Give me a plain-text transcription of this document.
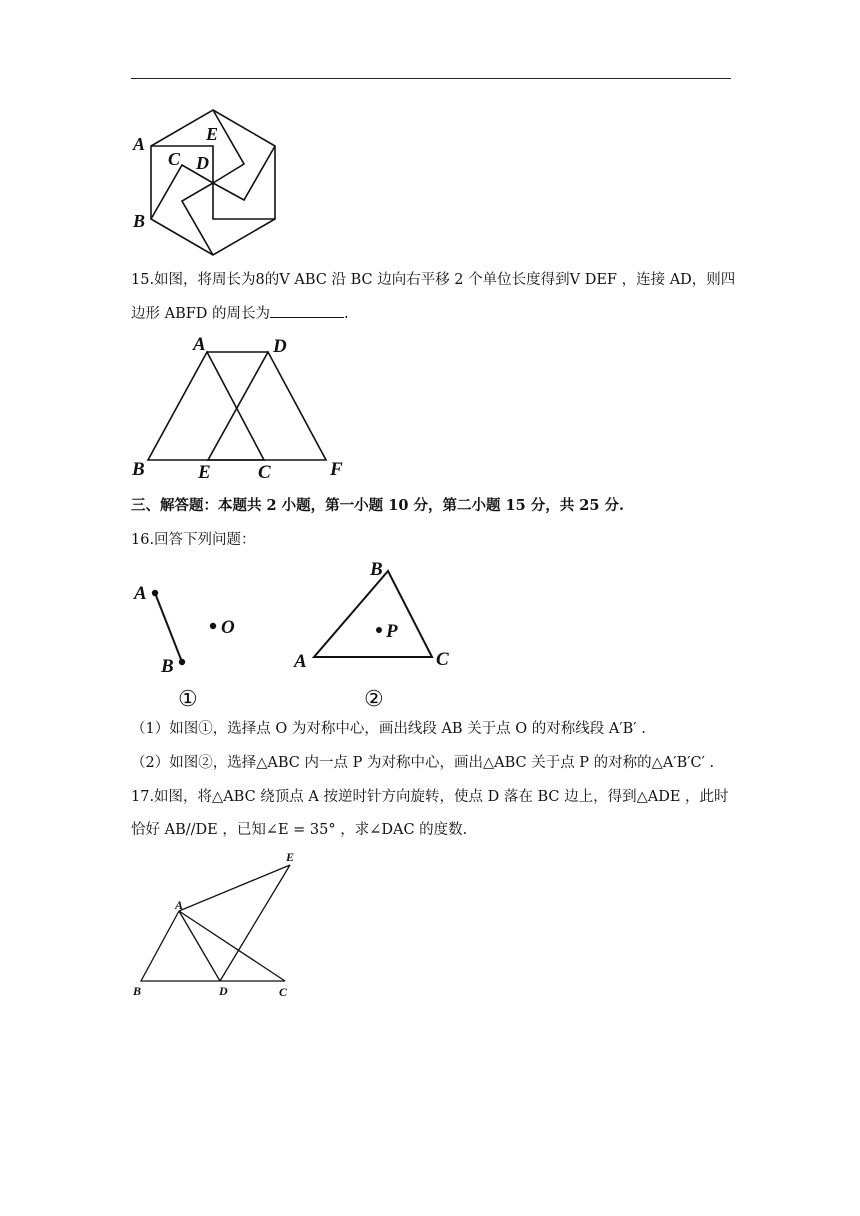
A	E
C D
B
15.如图，将周长为8的V ABC 沿 BC 边向右平移 2 个单位长度得到V DEF ，连接 AD，则四
边形 ABFD 的周长为	.
A	D
B	E C	F
三、解答题：本题共 2 小题，第一小题 10 分，第二小题 15 分，共 25 分.
16.回答下列问题：
A
O
B
①
B
P
A	C
②
（1）如图①，选择点 O 为对称中心，画出线段 AB 关于点 O 的对称线段 A′B′ .
（2）如图②，选择△ABC 内一点 P 为对称中心，画出△ABC 关于点 P 的对称的△A′B′C′ .
17.如图，将△ABC 绕顶点 A 按逆时针方向旋转，使点 D 落在 BC 边上，得到△ADE ，此时
恰好 AB//DE ，已知∠E = 35° ，求∠DAC 的度数.
E
A
B	D	C
